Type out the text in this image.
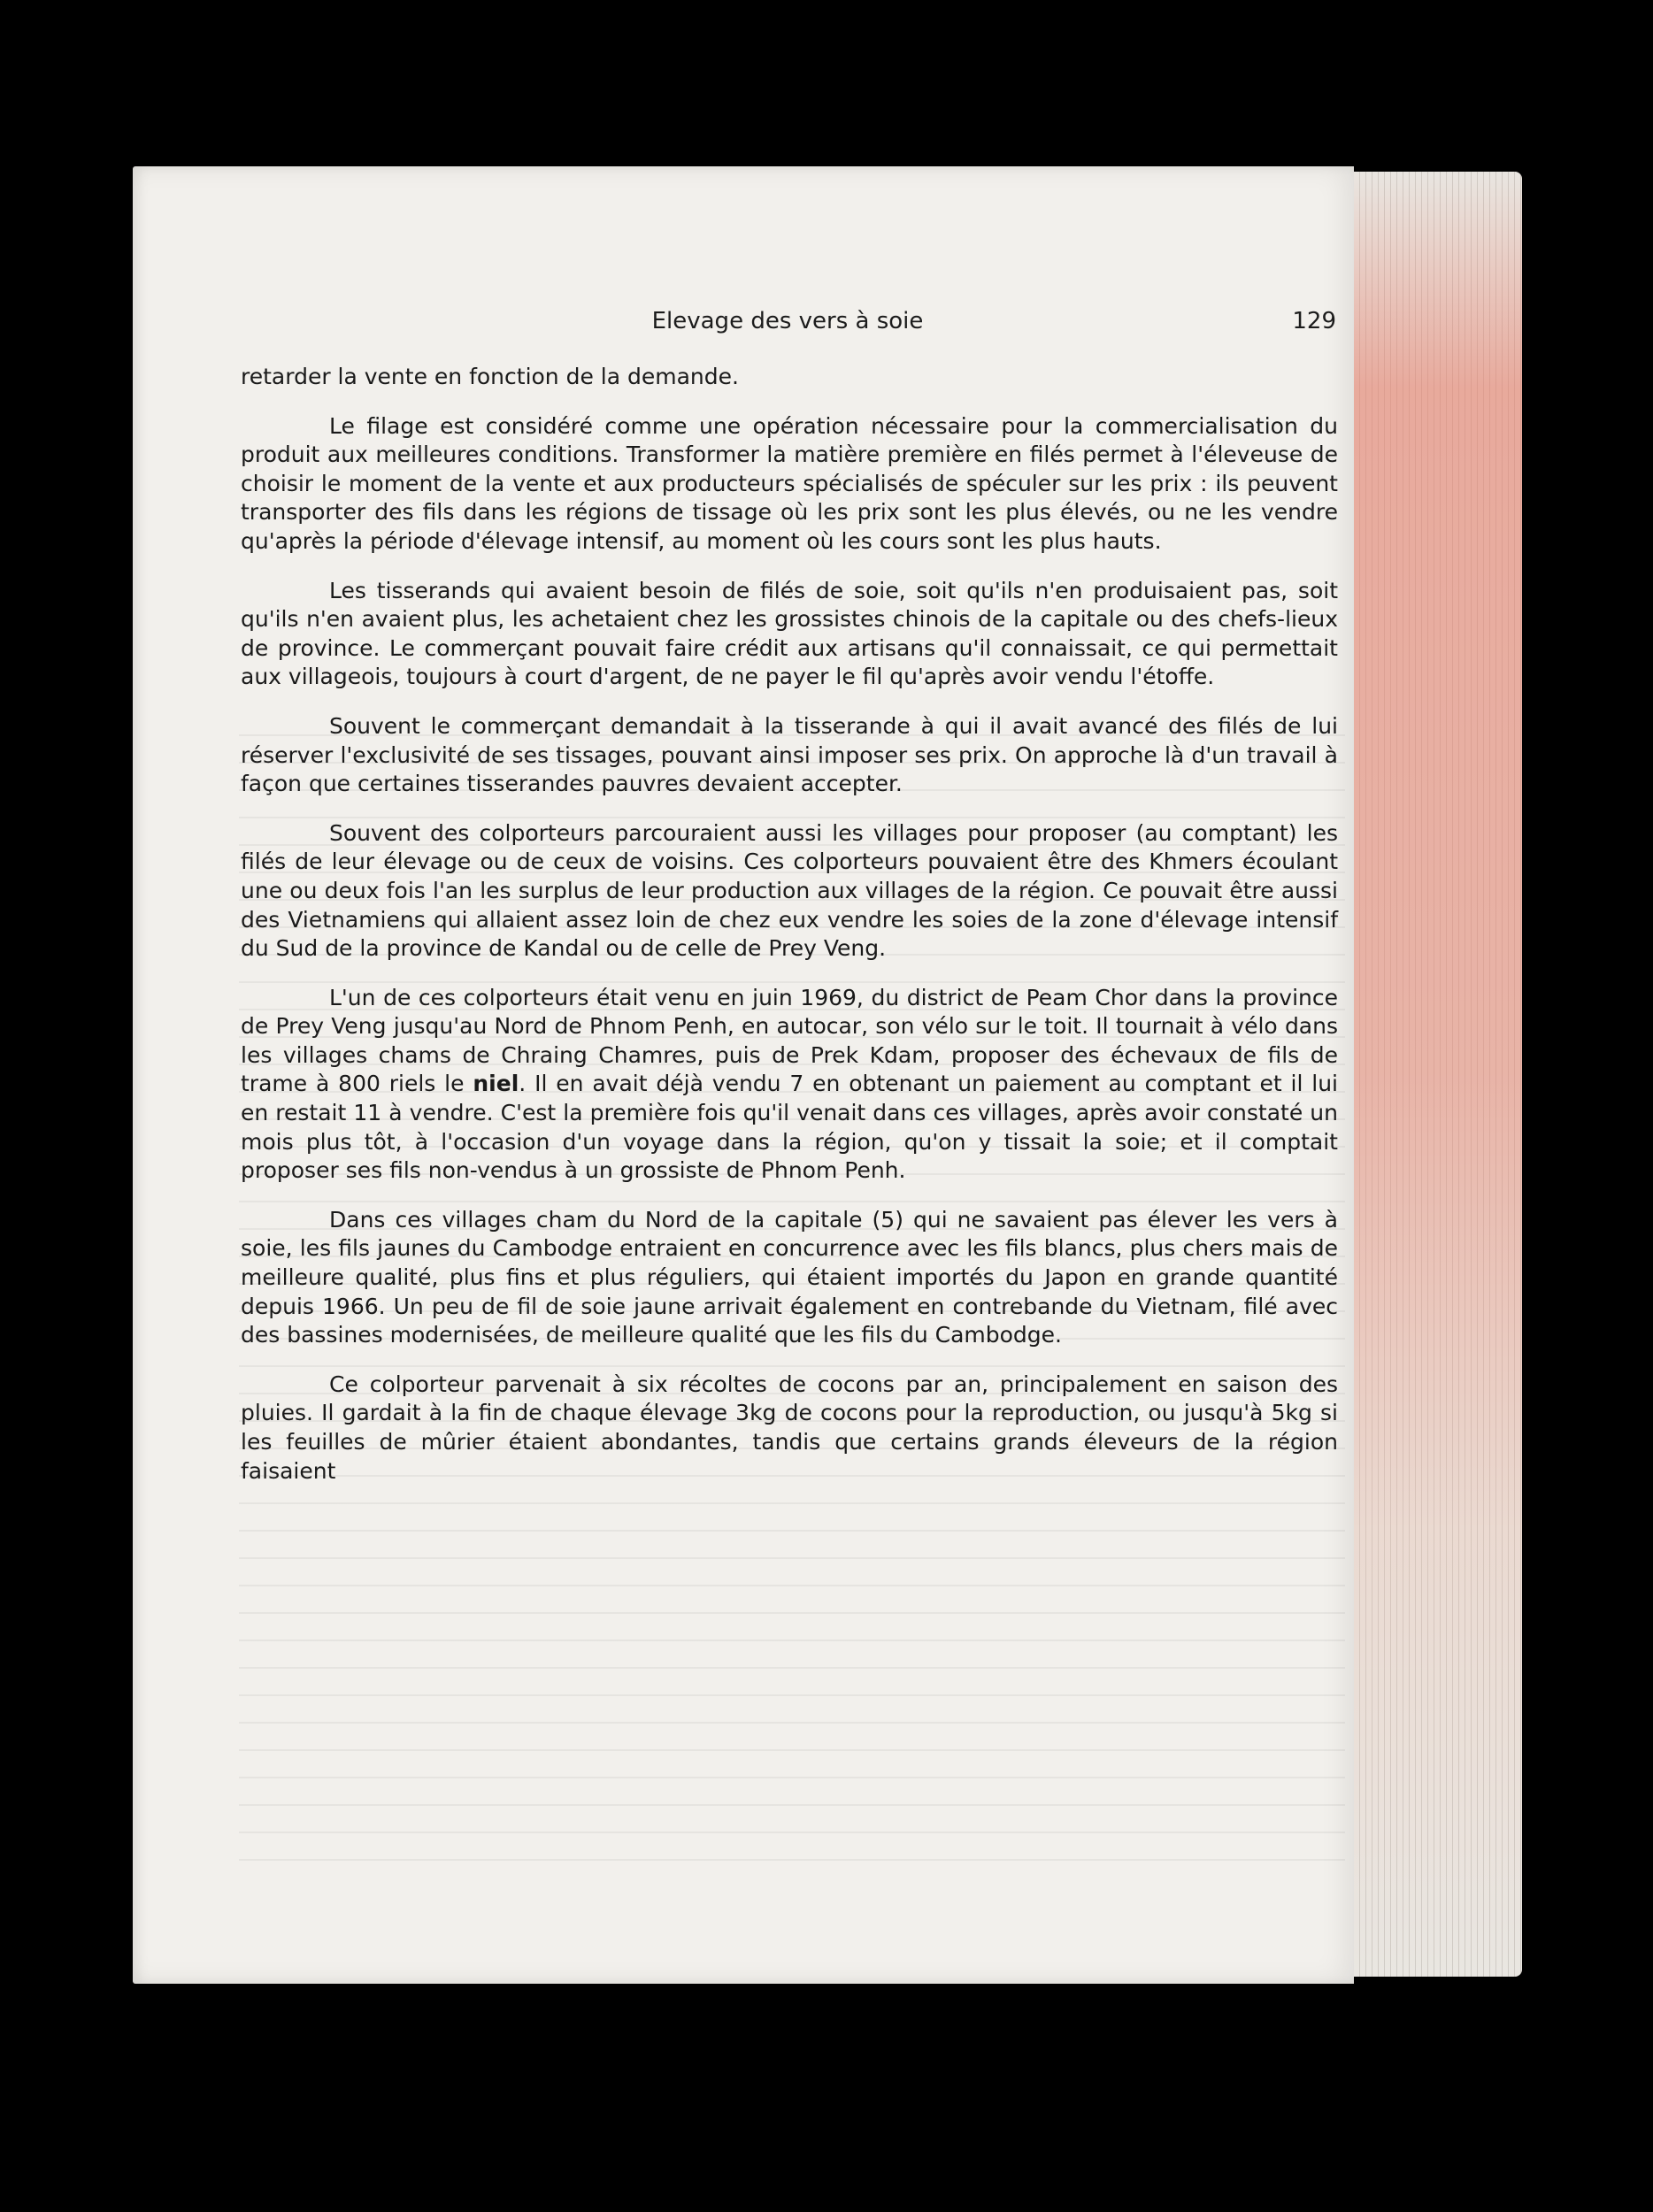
Elevage des vers à soie	129

retarder la vente en fonction de la demande.

Le filage est considéré comme une opération nécessaire pour la commercialisation du produit aux meilleures conditions. Transformer la matière première en filés permet à l'éleveuse de choisir le moment de la vente et aux producteurs spécialisés de spéculer sur les prix : ils peuvent transporter des fils dans les régions de tissage où les prix sont les plus élevés, ou ne les vendre qu'après la période d'élevage intensif, au moment où les cours sont les plus hauts.

Les tisserands qui avaient besoin de filés de soie, soit qu'ils n'en produisaient pas, soit qu'ils n'en avaient plus, les achetaient chez les grossistes chinois de la capitale ou des chefs-lieux de province. Le commerçant pouvait faire crédit aux artisans qu'il connaissait, ce qui permettait aux villageois, toujours à court d'argent, de ne payer le fil qu'après avoir vendu l'étoffe.

Souvent le commerçant demandait à la tisserande à qui il avait avancé des filés de lui réserver l'exclusivité de ses tissages, pouvant ainsi imposer ses prix. On approche là d'un travail à façon que certaines tisserandes pauvres devaient accepter.

Souvent des colporteurs parcouraient aussi les villages pour proposer (au comptant) les filés de leur élevage ou de ceux de voisins. Ces colporteurs pouvaient être des Khmers écoulant une ou deux fois l'an les surplus de leur production aux villages de la région. Ce pouvait être aussi des Vietnamiens qui allaient assez loin de chez eux vendre les soies de la zone d'élevage intensif du Sud de la province de Kandal ou de celle de Prey Veng.

L'un de ces colporteurs était venu en juin 1969, du district de Peam Chor dans la province de Prey Veng jusqu'au Nord de Phnom Penh, en autocar, son vélo sur le toit. Il tournait à vélo dans les villages chams de Chraing Chamres, puis de Prek Kdam, proposer des échevaux de fils de trame à 800 riels le niel. Il en avait déjà vendu 7 en obtenant un paiement au comptant et il lui en restait 11 à vendre. C'est la première fois qu'il venait dans ces villages, après avoir constaté un mois plus tôt, à l'occasion d'un voyage dans la région, qu'on y tissait la soie; et il comptait proposer ses fils non-vendus à un grossiste de Phnom Penh.

Dans ces villages cham du Nord de la capitale (5) qui ne savaient pas élever les vers à soie, les fils jaunes du Cambodge entraient en concurrence avec les fils blancs, plus chers mais de meilleure qualité, plus fins et plus réguliers, qui étaient importés du Japon en grande quantité depuis 1966. Un peu de fil de soie jaune arrivait également en contrebande du Vietnam, filé avec des bassines modernisées, de meilleure qualité que les fils du Cambodge.

Ce colporteur parvenait à six récoltes de cocons par an, principalement en saison des pluies. Il gardait à la fin de chaque élevage 3kg de cocons pour la reproduction, ou jusqu'à 5kg si les feuilles de mûrier étaient abondantes, tandis que certains grands éleveurs de la région faisaient
